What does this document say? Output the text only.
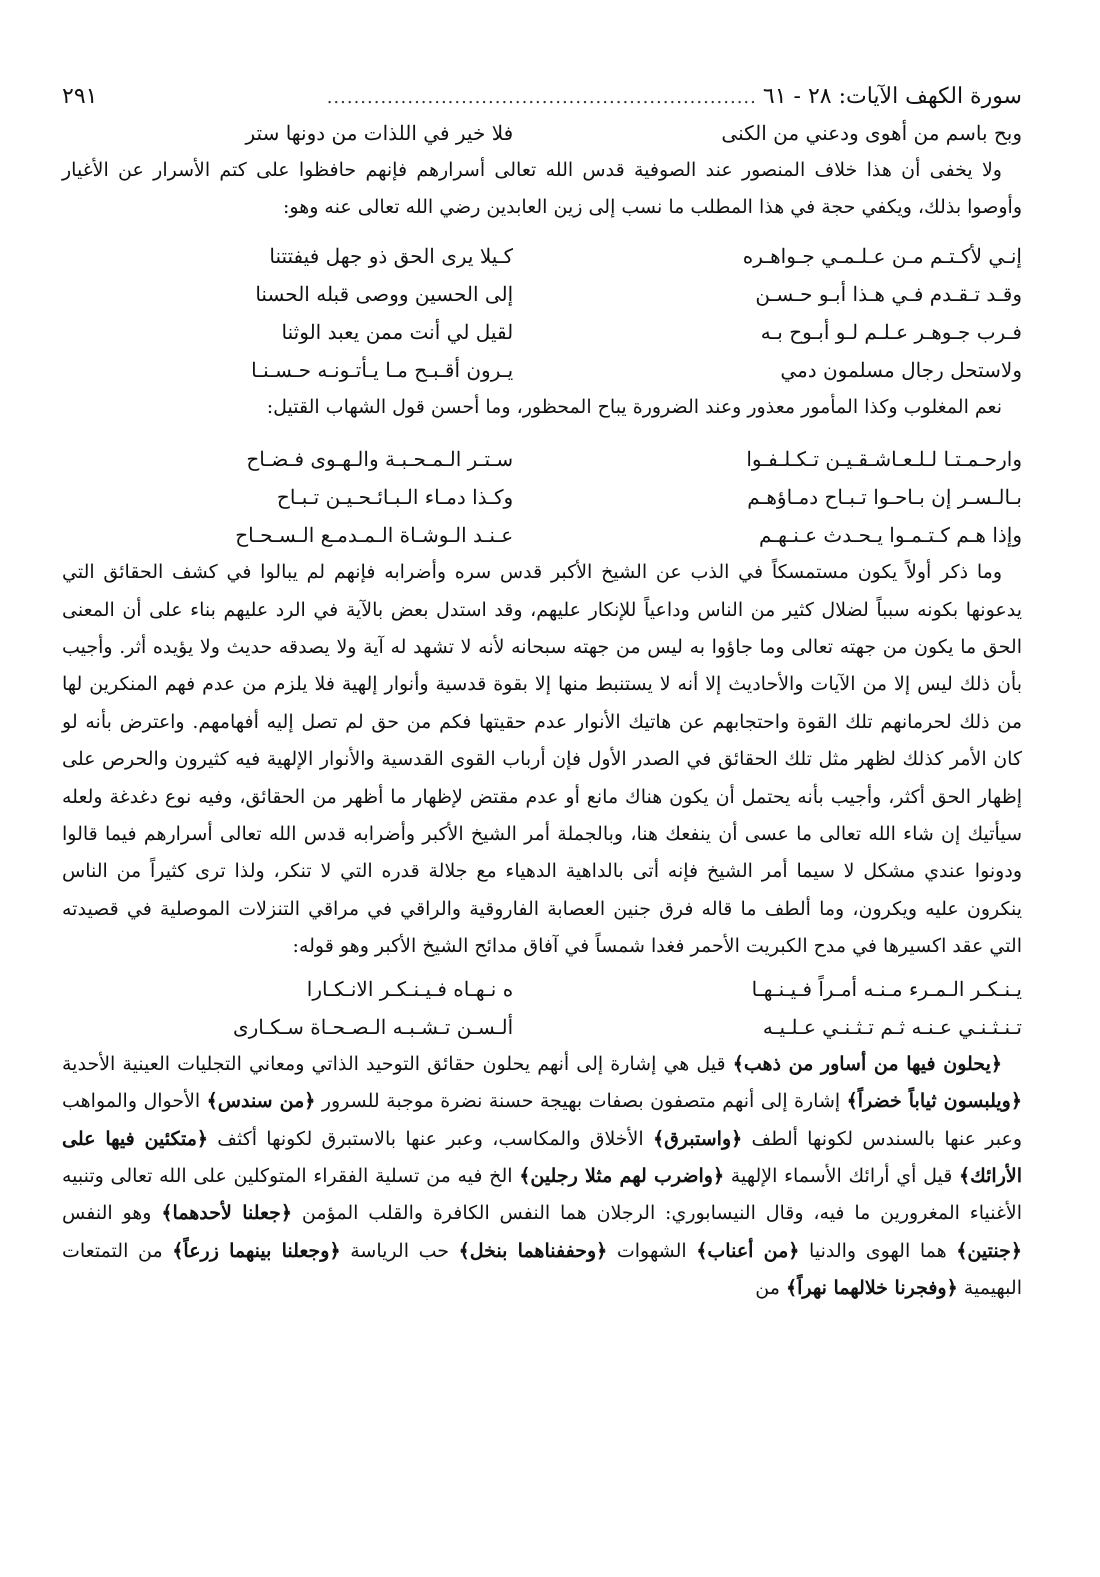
سورة الكهف الآيات: ٢٨ - ٦١
................................................................
٢٩١
وبح باسم من أهوى ودعني من الكنى
فلا خير في اللذات من دونها ستر

ولا يخفى أن هذا خلاف المنصور عند الصوفية قدس الله تعالى أسرارهم فإنهم حافظوا على كتم الأسرار عن الأغيار وأوصوا بذلك، ويكفي حجة في هذا المطلب ما نسب إلى زين العابدين رضي الله تعالى عنه وهو:

إنـي لأكـتـم مـن عـلـمـي جـواهـره
كـيلا يرى الحق ذو جهل فيفتتنا
وقـد تـقـدم فـي هـذا أبـو حـسـن
إلى الحسين ووصى قبله الحسنا
فـرب جـوهـر عـلـم لـو أبـوح بـه
لقيل لي أنت ممن يعبد الوثنا
ولاستحل رجال مسلمون دمي
يـرون أقـبـح مـا يـأتـونـه حـسـنـا

نعم المغلوب وكذا المأمور معذور وعند الضرورة يباح المحظور، وما أحسن قول الشهاب القتيل:

وارحـمـتـا لـلـعـاشـقـيـن تـكـلـفـوا
سـتـر الـمـحـبـة والـهـوى فـضـاح
بـالـسـر إن بـاحـوا تـبـاح دمـاؤهـم
وكـذا دمـاء الـبـائـحـيـن تـبـاح
وإذا هـم كـتـمـوا يـحـدث عـنـهـم
عـنـد الـوشـاة الـمـدمـع الـسـحـاح

وما ذكر أولاً يكون مستمسكاً في الذب عن الشيخ الأكبر قدس سره وأضرابه فإنهم لم يبالوا في كشف الحقائق التي يدعونها بكونه سبباً لضلال كثير من الناس وداعياً للإنكار عليهم، وقد استدل بعض بالآية في الرد عليهم بناء على أن المعنى الحق ما يكون من جهته تعالى وما جاؤوا به ليس من جهته سبحانه لأنه لا تشهد له آية ولا يصدقه حديث ولا يؤيده أثر. وأجيب بأن ذلك ليس إلا من الآيات والأحاديث إلا أنه لا يستنبط منها إلا بقوة قدسية وأنوار إلهية فلا يلزم من عدم فهم المنكرين لها من ذلك لحرمانهم تلك القوة واحتجابهم عن هاتيك الأنوار عدم حقيتها فكم من حق لم تصل إليه أفهامهم. واعترض بأنه لو كان الأمر كذلك لظهر مثل تلك الحقائق في الصدر الأول فإن أرباب القوى القدسية والأنوار الإلهية فيه كثيرون والحرص على إظهار الحق أكثر، وأجيب بأنه يحتمل أن يكون هناك مانع أو عدم مقتض لإظهار ما أظهر من الحقائق، وفيه نوع دغدغة ولعله سيأتيك إن شاء الله تعالى ما عسى أن ينفعك هنا، وبالجملة أمر الشيخ الأكبر وأضرابه قدس الله تعالى أسرارهم فيما قالوا ودونوا عندي مشكل لا سيما أمر الشيخ فإنه أتى بالداهية الدهياء مع جلالة قدره التي لا تنكر، ولذا ترى كثيراً من الناس ينكرون عليه ويكرون، وما ألطف ما قاله فرق جنين العصابة الفاروقية والراقي في مراقي التنزلات الموصلية في قصيدته التي عقد اكسيرها في مدح الكبريت الأحمر فغدا شمساً في آفاق مدائح الشيخ الأكبر وهو قوله:

يـنـكـر الـمـرء مـنـه أمـراً فـيـنـهـا
ه نـهـاه فـيـنـكـر الانـكـارا
تـنـثـنـي عـنـه ثـم تـثـنـي عـلـيـه
ألـسـن تـشـبـه الـصـحـاة سـكـارى

﴿يحلون فيها من أساور من ذهب﴾ قيل هي إشارة إلى أنهم يحلون حقائق التوحيد الذاتي ومعاني التجليات العينية الأحدية ﴿ويلبسون ثياباً خضراً﴾ إشارة إلى أنهم متصفون بصفات بهيجة حسنة نضرة موجبة للسرور ﴿من سندس﴾ الأحوال والمواهب وعبر عنها بالسندس لكونها ألطف ﴿واستبرق﴾ الأخلاق والمكاسب، وعبر عنها بالاستبرق لكونها أكثف ﴿متكئين فيها على الأرائك﴾ قيل أي أرائك الأسماء الإلهية ﴿واضرب لهم مثلا رجلين﴾ الخ فيه من تسلية الفقراء المتوكلين على الله تعالى وتنبيه الأغنياء المغرورين ما فيه، وقال النيسابوري: الرجلان هما النفس الكافرة والقلب المؤمن ﴿جعلنا لأحدهما﴾ وهو النفس ﴿جنتين﴾ هما الهوى والدنيا ﴿من أعناب﴾ الشهوات ﴿وحففناهما بنخل﴾ حب الرياسة ﴿وجعلنا بينهما زرعاً﴾ من التمتعات البهيمية ﴿وفجرنا خلالهما نهراً﴾ من
